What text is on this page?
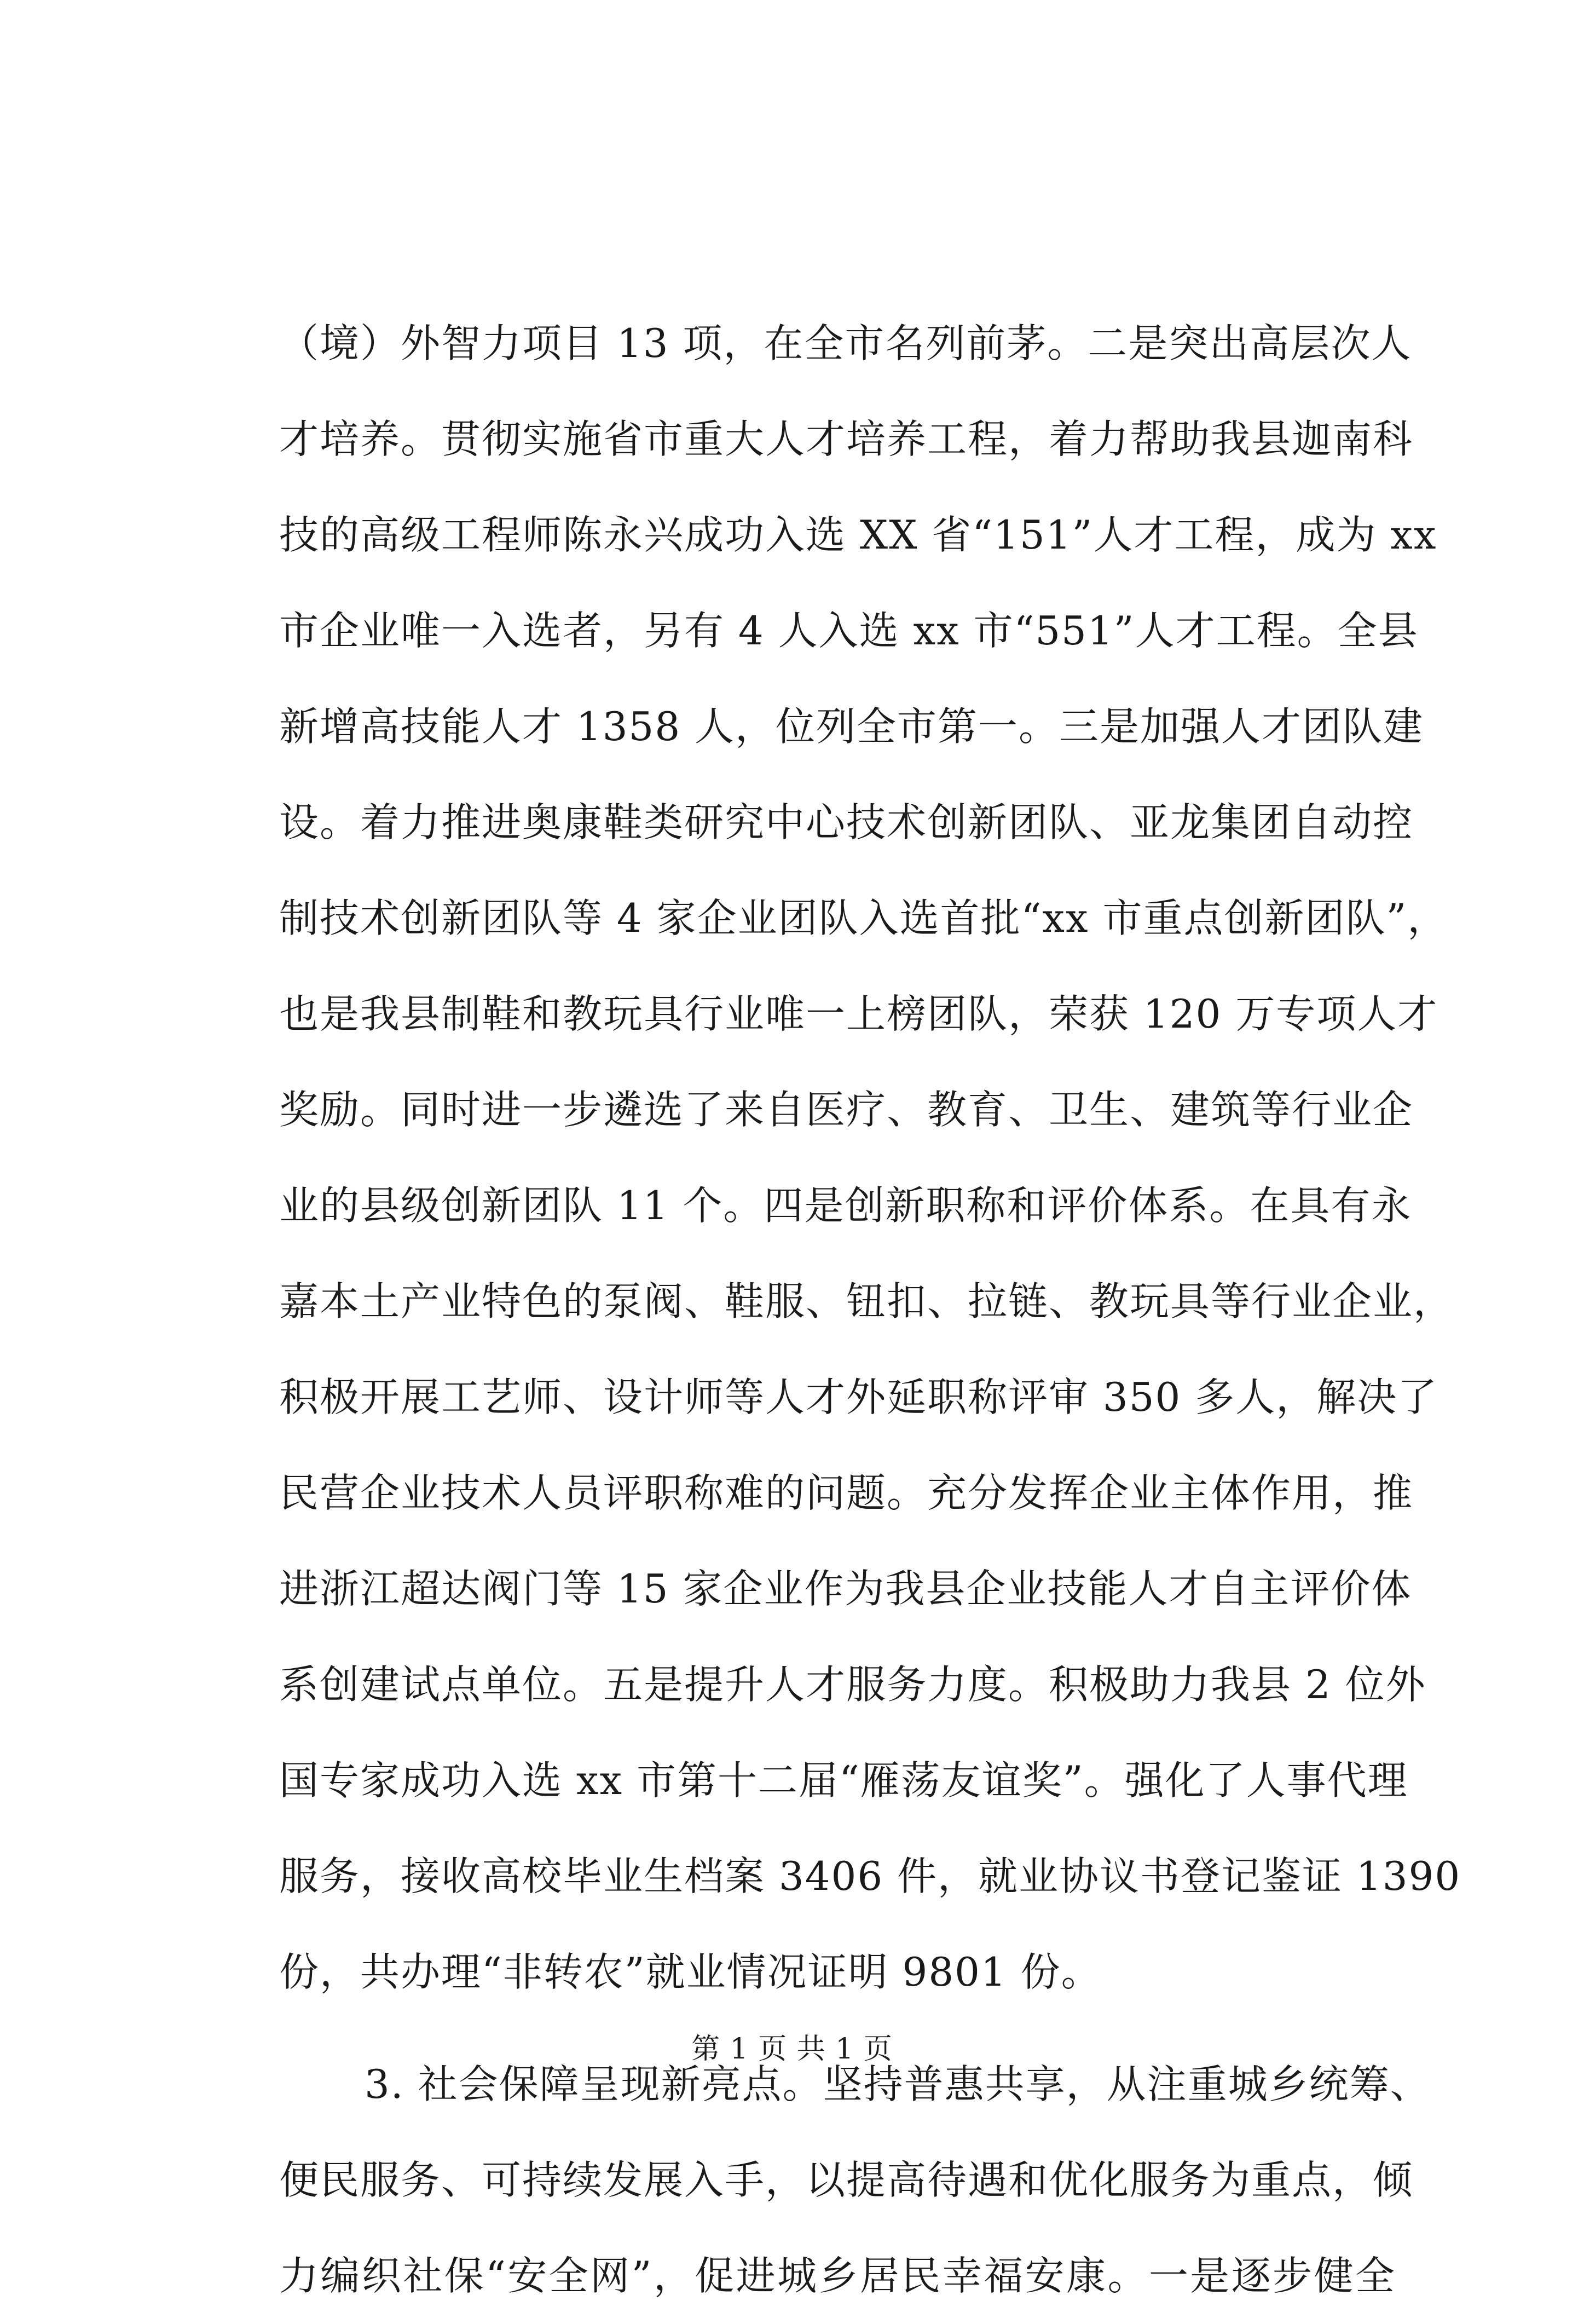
（境）外智力项目 13 项，在全市名列前茅。二是突出高层次人
才培养。贯彻实施省市重大人才培养工程，着力帮助我县迦南科
技的高级工程师陈永兴成功入选 XX 省“151”人才工程，成为 xx
市企业唯一入选者，另有 4 人入选 xx 市“551”人才工程。全县
新增高技能人才 1358 人，位列全市第一。三是加强人才团队建
设。着力推进奥康鞋类研究中心技术创新团队、亚龙集团自动控
制技术创新团队等 4 家企业团队入选首批“xx 市重点创新团队”，
也是我县制鞋和教玩具行业唯一上榜团队，荣获 120 万专项人才
奖励。同时进一步遴选了来自医疗、教育、卫生、建筑等行业企
业的县级创新团队 11 个。四是创新职称和评价体系。在具有永
嘉本土产业特色的泵阀、鞋服、钮扣、拉链、教玩具等行业企业，
积极开展工艺师、设计师等人才外延职称评审 350 多人，解决了
民营企业技术人员评职称难的问题。充分发挥企业主体作用，推
进浙江超达阀门等 15 家企业作为我县企业技能人才自主评价体
系创建试点单位。五是提升人才服务力度。积极助力我县 2 位外
国专家成功入选 xx 市第十二届“雁荡友谊奖”。强化了人事代理
服务，接收高校毕业生档案 3406 件，就业协议书登记鉴证 1390
份，共办理“非转农”就业情况证明 9801 份。
3. 社会保障呈现新亮点。坚持普惠共享，从注重城乡统筹、
便民服务、可持续发展入手，以提高待遇和优化服务为重点，倾
力编织社保“安全网”，促进城乡居民幸福安康。一是逐步健全
第 1 页 共 1 页
